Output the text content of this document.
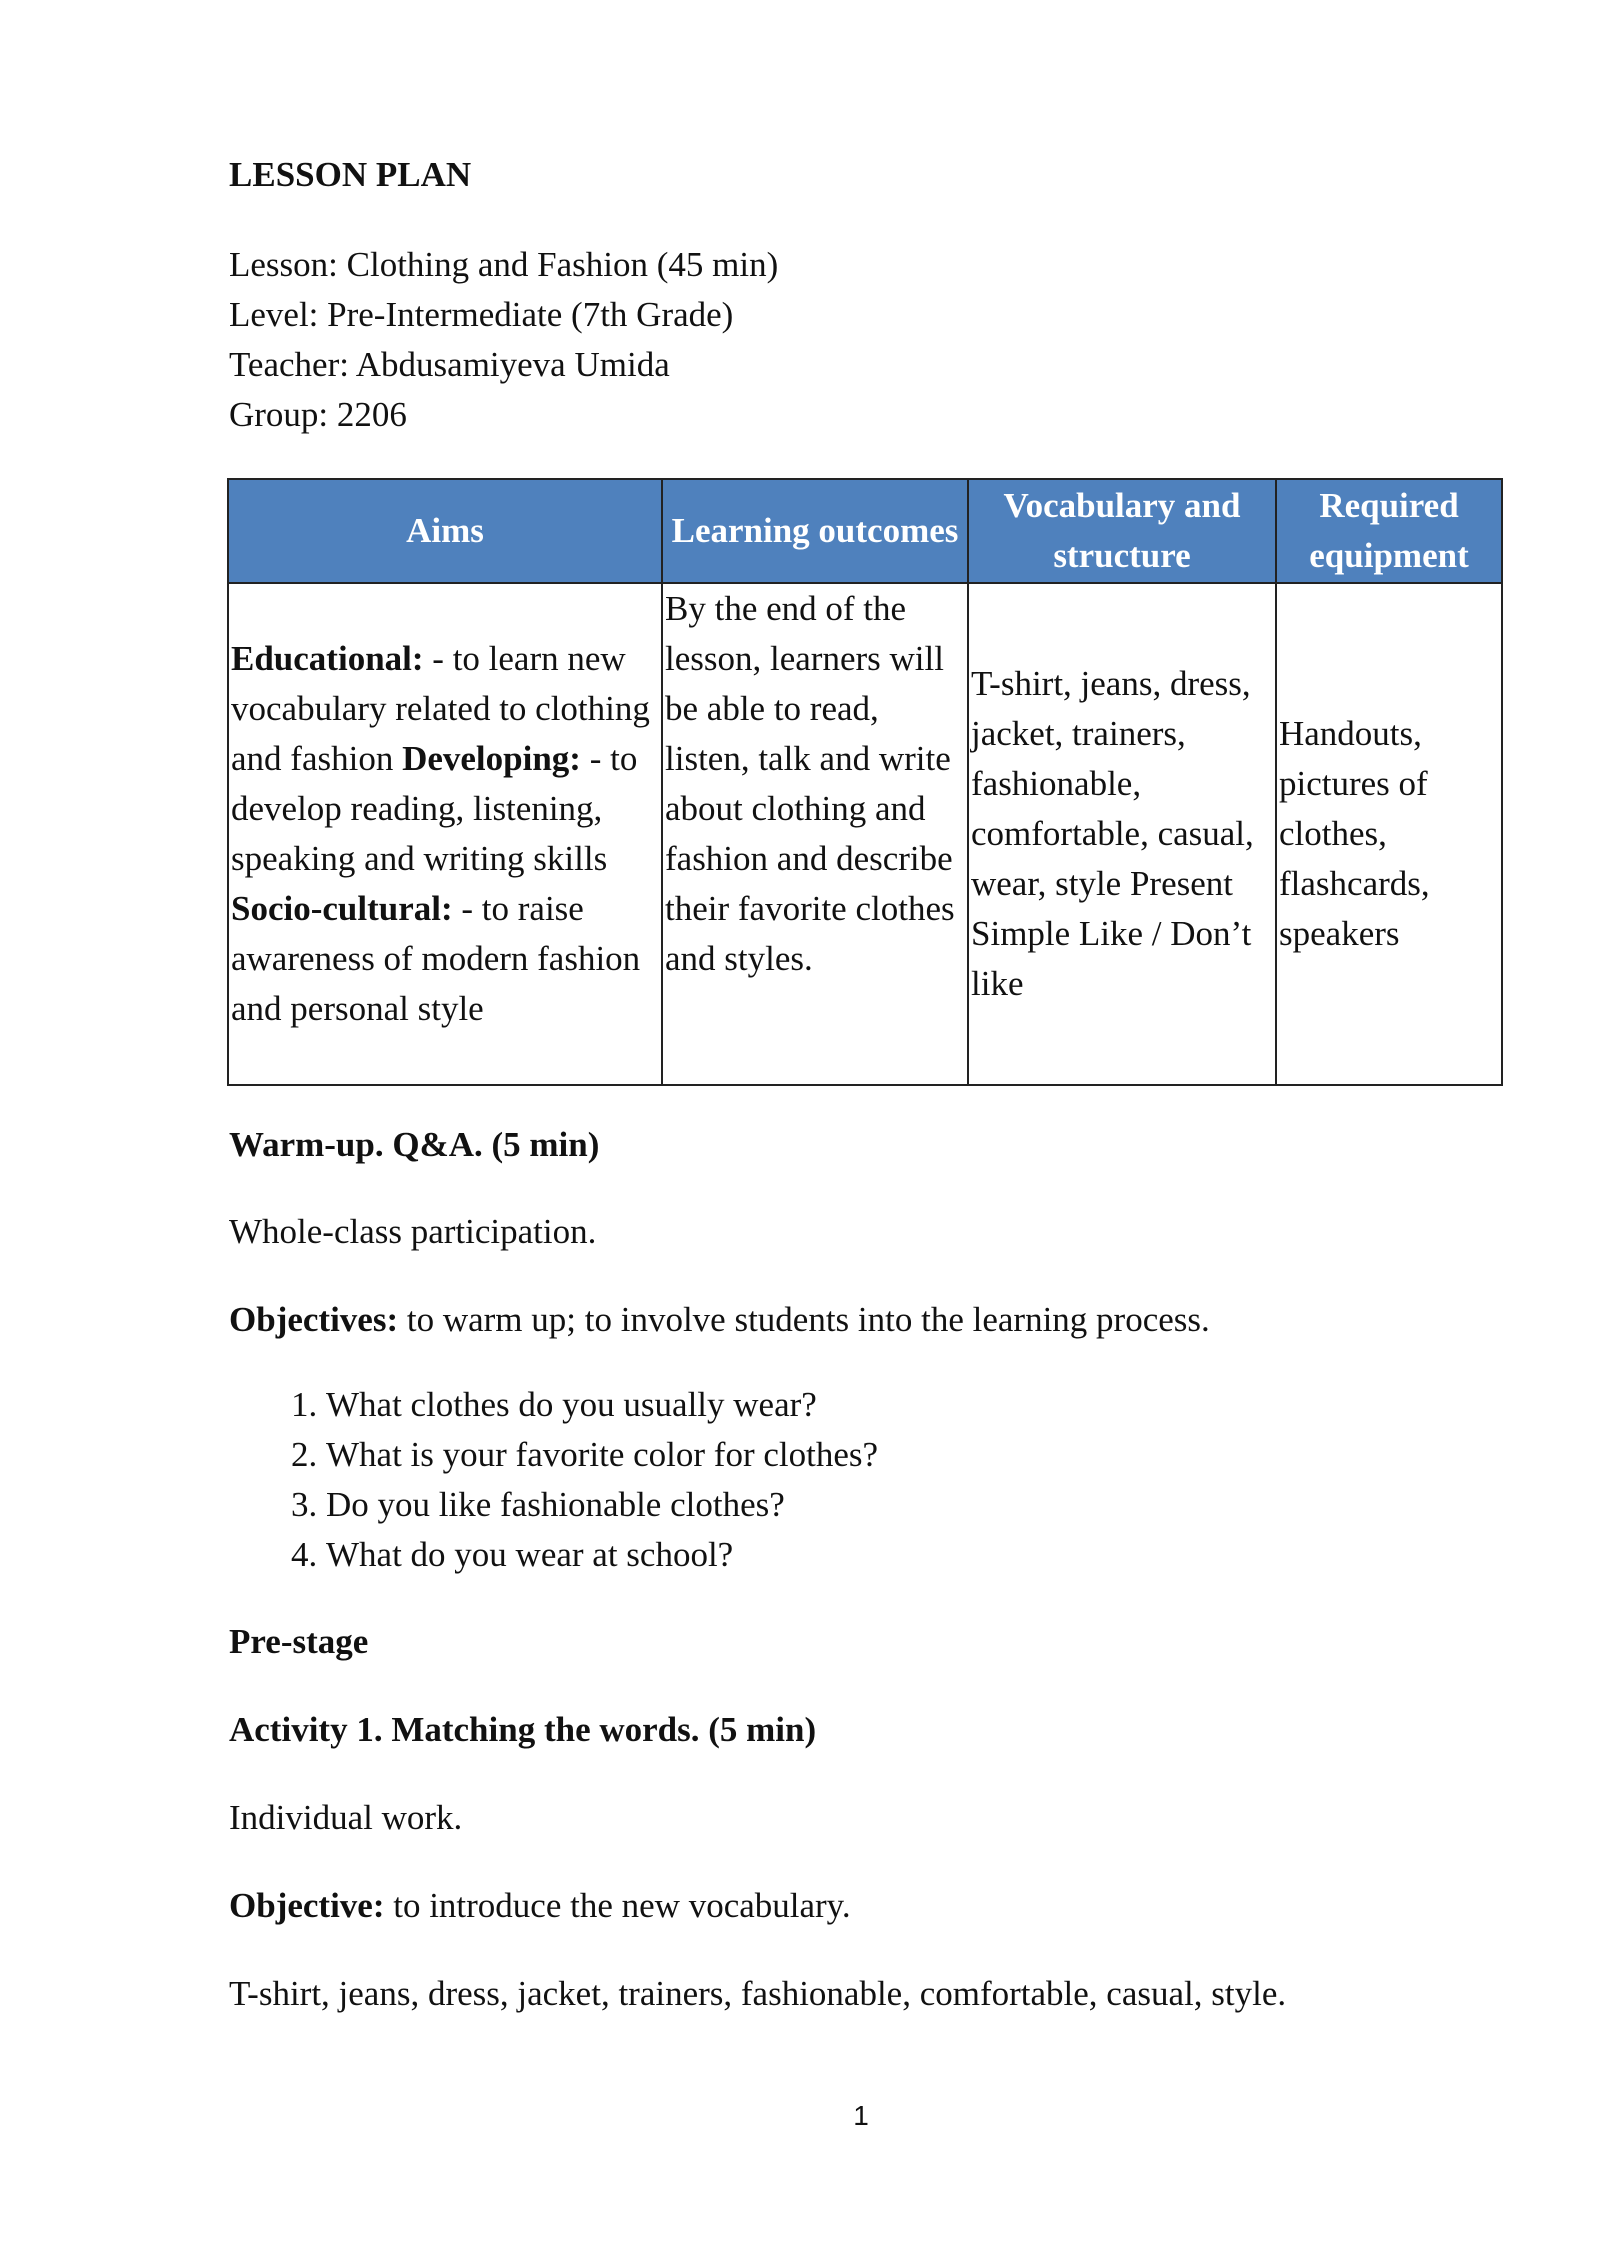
LESSON PLAN
Lesson: Clothing and Fashion (45 min)
Level: Pre-Intermediate (7th Grade)
Teacher: Abdusamiyeva Umida
Group: 2206
Aims	Learning outcomes	Vocabulary and structure	Required equipment
Educational: - to learn new vocabulary related to clothing and fashion Developing: - to develop reading, listening, speaking and writing skills Socio-cultural: - to raise awareness of modern fashion and personal style	By the end of the lesson, learners will be able to read, listen, talk and write about clothing and fashion and describe their favorite clothes and styles.	T-shirt, jeans, dress, jacket, trainers, fashionable, comfortable, casual, wear, style Present Simple Like / Don’t like	Handouts, pictures of clothes, flashcards, speakers
Warm-up. Q&A. (5 min)
Whole-class participation.
Objectives: to warm up; to involve students into the learning process.
1. What clothes do you usually wear?
2. What is your favorite color for clothes?
3. Do you like fashionable clothes?
4. What do you wear at school?
Pre-stage
Activity 1. Matching the words. (5 min)
Individual work.
Objective: to introduce the new vocabulary.
T-shirt, jeans, dress, jacket, trainers, fashionable, comfortable, casual, style.
1
